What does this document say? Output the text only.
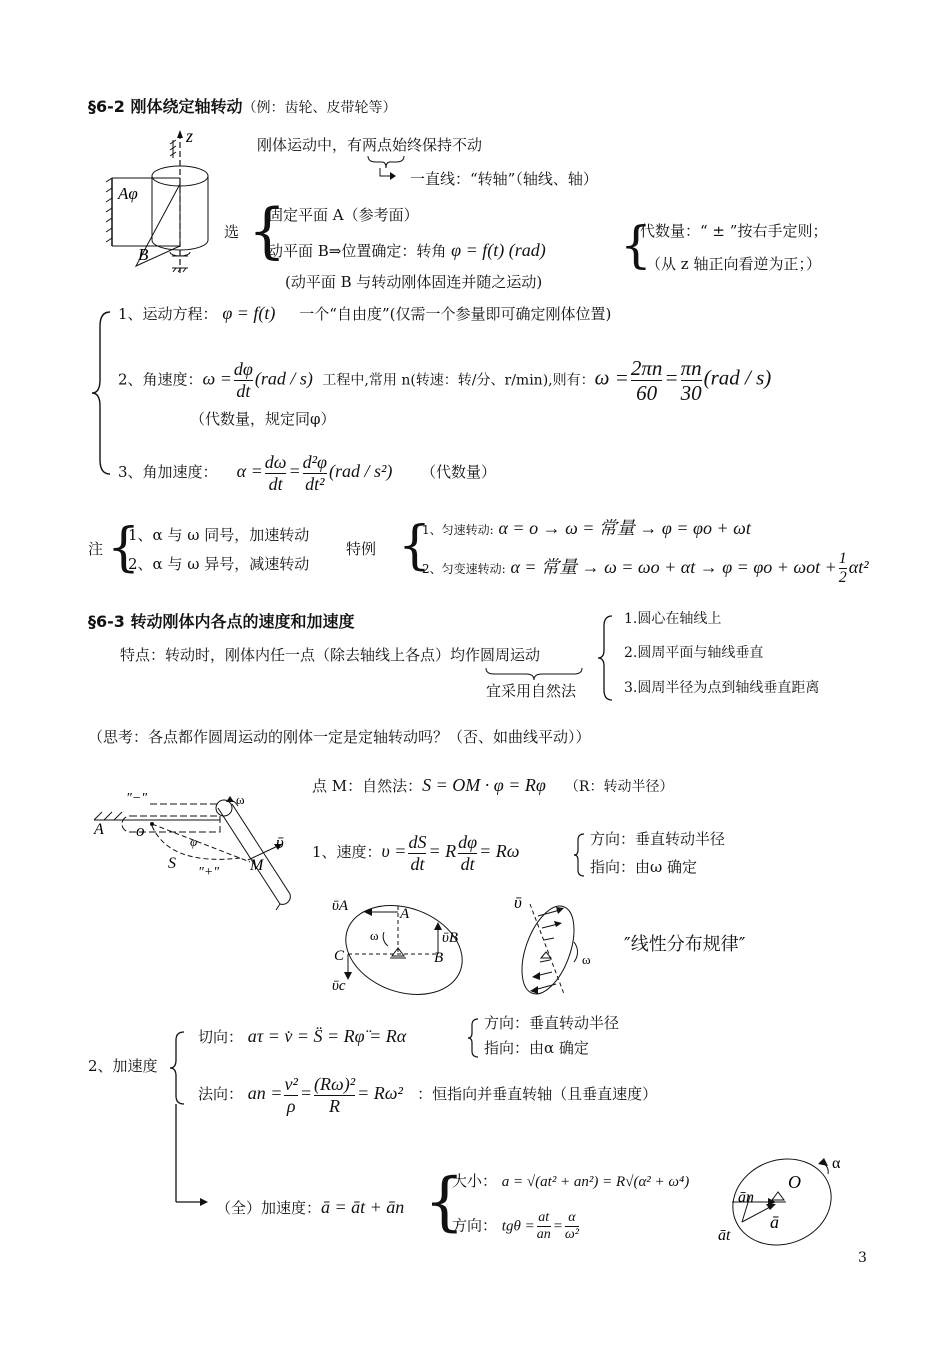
§6-2 刚体绕定轴转动（例：齿轮、皮带轮等）
z
Aφ
B
刚体运动中，有两点始终保持不动
一直线：“转轴”（轴线、轴）
选 {
固定平面 A（参考面）
动平面 B⇒位置确定：转角 φ = f(t) (rad) {
代数量：“ ± ”按右手定则；
（从 z 轴正向看逆为正；）
(动平面 B 与转动刚体固连并随之运动)
1、运动方程： φ = f(t) 一个“自由度”(仅需一个参量即可确定刚体位置)
2、角速度：$\omega = \frac{d\varphi}{dt} (rad / s)$ 工程中,常用 n(转速：转/分、r/min),则有：$\omega = \frac{2\pi n}{60} = \frac{\pi n}{30} (rad / s)$
（代数量，规定同φ）
3、角加速度： $\alpha = \frac{d\omega}{dt} = \frac{\text{d²φ}}{\text{dt²}} (rad / s^2)$ （代数量）
注 {
1、α 与 ω 同号，加速转动
2、α 与 ω 异号，减速转动
特例 {
1、匀速转动: α = o → ω = 常量 → φ = φo + ωt
2、匀变速转动: α = 常量 → $\omega = \omega o + \alpha t \to \varphi = \varphi o + \omega ot + \frac{1}{2} \alpha t^2$
§6-3 转动刚体内各点的速度和加速度
特点：转动时，刚体内任一点（除去轴线上各点）均作圆周运动
宜采用自然法
1.圆心在轴线上
2.圆周平面与轴线垂直
3.圆周半径为点到轴线垂直距离
（思考：各点都作圆周运动的刚体一定是定轴转动吗？（否、如曲线平动））
″−″
″+″
A o
φ
S	M
ῡ
ω
点 M：自然法：S = OM · φ = Rφ （R：转动半径）
1、速度：$\upsilon = \frac{dS}{dt} = R \frac{d\varphi}{dt} = R\omega$
方向：垂直转动半径
指向：由ω 确定
ῡA	A
ω	ῡB
C	B
ῡc
ῡ
ω
″线性分布规律″
2、加速度
切向： aτ = v̇ = S̈ = Rφ̈ = Rα
方向：垂直转动半径
指向：由α 确定
法向： an = $\frac{\text{v²}}{\rho} = \frac{\text{(Rω)²}}{R} = R\omega^2$ ：恒指向并垂直转轴（且垂直速度）
（全）加速度：ā = āt + ān {
大小： a = √(at² + an²) = R√(α² + ω⁴)
方向： $tg\theta = \frac{at}{an} = \frac{\alpha}{\text{ω²}}$
α
O
ān
ā
āt
3
